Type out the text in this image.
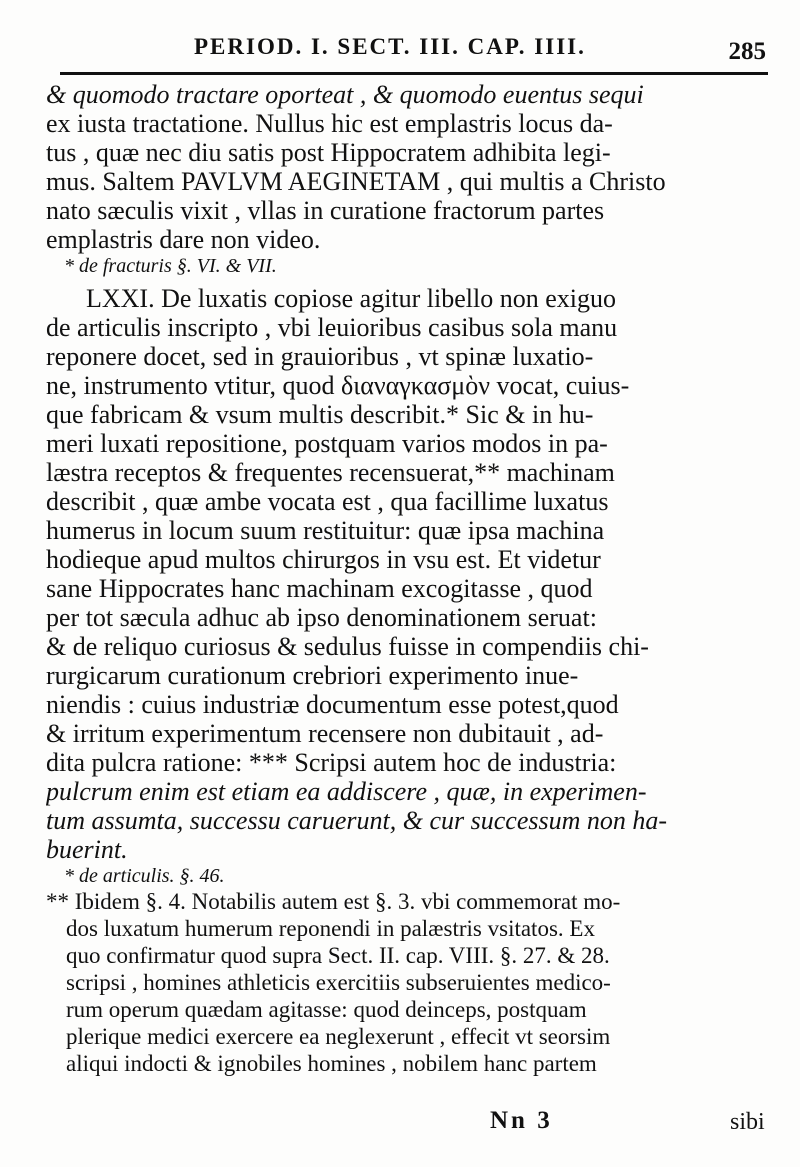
PERIOD. I. SECT. III. CAP. IIII.	285
& quomodo tractare oporteat , & quomodo euentus sequi
ex iusta tractatione. Nullus hic est emplastris locus da-
tus , quæ nec diu satis post Hippocratem adhibita legi-
mus. Saltem PAVLVM AEGINETAM , qui multis a Christo
nato sæculis vixit , vllas in curatione fractorum partes
emplastris dare non video.
* de fracturis §. VI. & VII.
LXXI. De luxatis copiose agitur libello non exiguo
de articulis inscripto , vbi leuioribus casibus sola manu
reponere docet, sed in grauioribus , vt spinæ luxatio-
ne, instrumento vtitur, quod διαναγκασμὸν vocat, cuius-
que fabricam & vsum multis describit.* Sic & in hu-
meri luxati repositione, postquam varios modos in pa-
læstra receptos & frequentes recensuerat,** machinam
describit , quæ ambe vocata est , qua facillime luxatus
humerus in locum suum restituitur: quæ ipsa machina
hodieque apud multos chirurgos in vsu est. Et videtur
sane Hippocrates hanc machinam excogitasse , quod
per tot sæcula adhuc ab ipso denominationem seruat:
& de reliquo curiosus & sedulus fuisse in compendiis chi-
rurgicarum curationum crebriori experimento inue-
niendis : cuius industriæ documentum esse potest,quod
& irritum experimentum recensere non dubitauit , ad-
dita pulcra ratione: *** Scripsi autem hoc de industria:
pulcrum enim est etiam ea addiscere , quæ, in experimen-
tum assumta, successu caruerunt, & cur successum non ha-
buerint.
* de articulis. §. 46.
** Ibidem §. 4. Notabilis autem est §. 3. vbi commemorat mo-
dos luxatum humerum reponendi in palæstris vsitatos. Ex
quo confirmatur quod supra Sect. II. cap. VIII. §. 27. & 28.
scripsi , homines athleticis exercitiis subseruientes medico-
rum operum quædam agitasse: quod deinceps, postquam
plerique medici exercere ea neglexerunt , effecit vt seorsim
aliqui indocti & ignobiles homines , nobilem hanc partem
Nn 3	sibi
